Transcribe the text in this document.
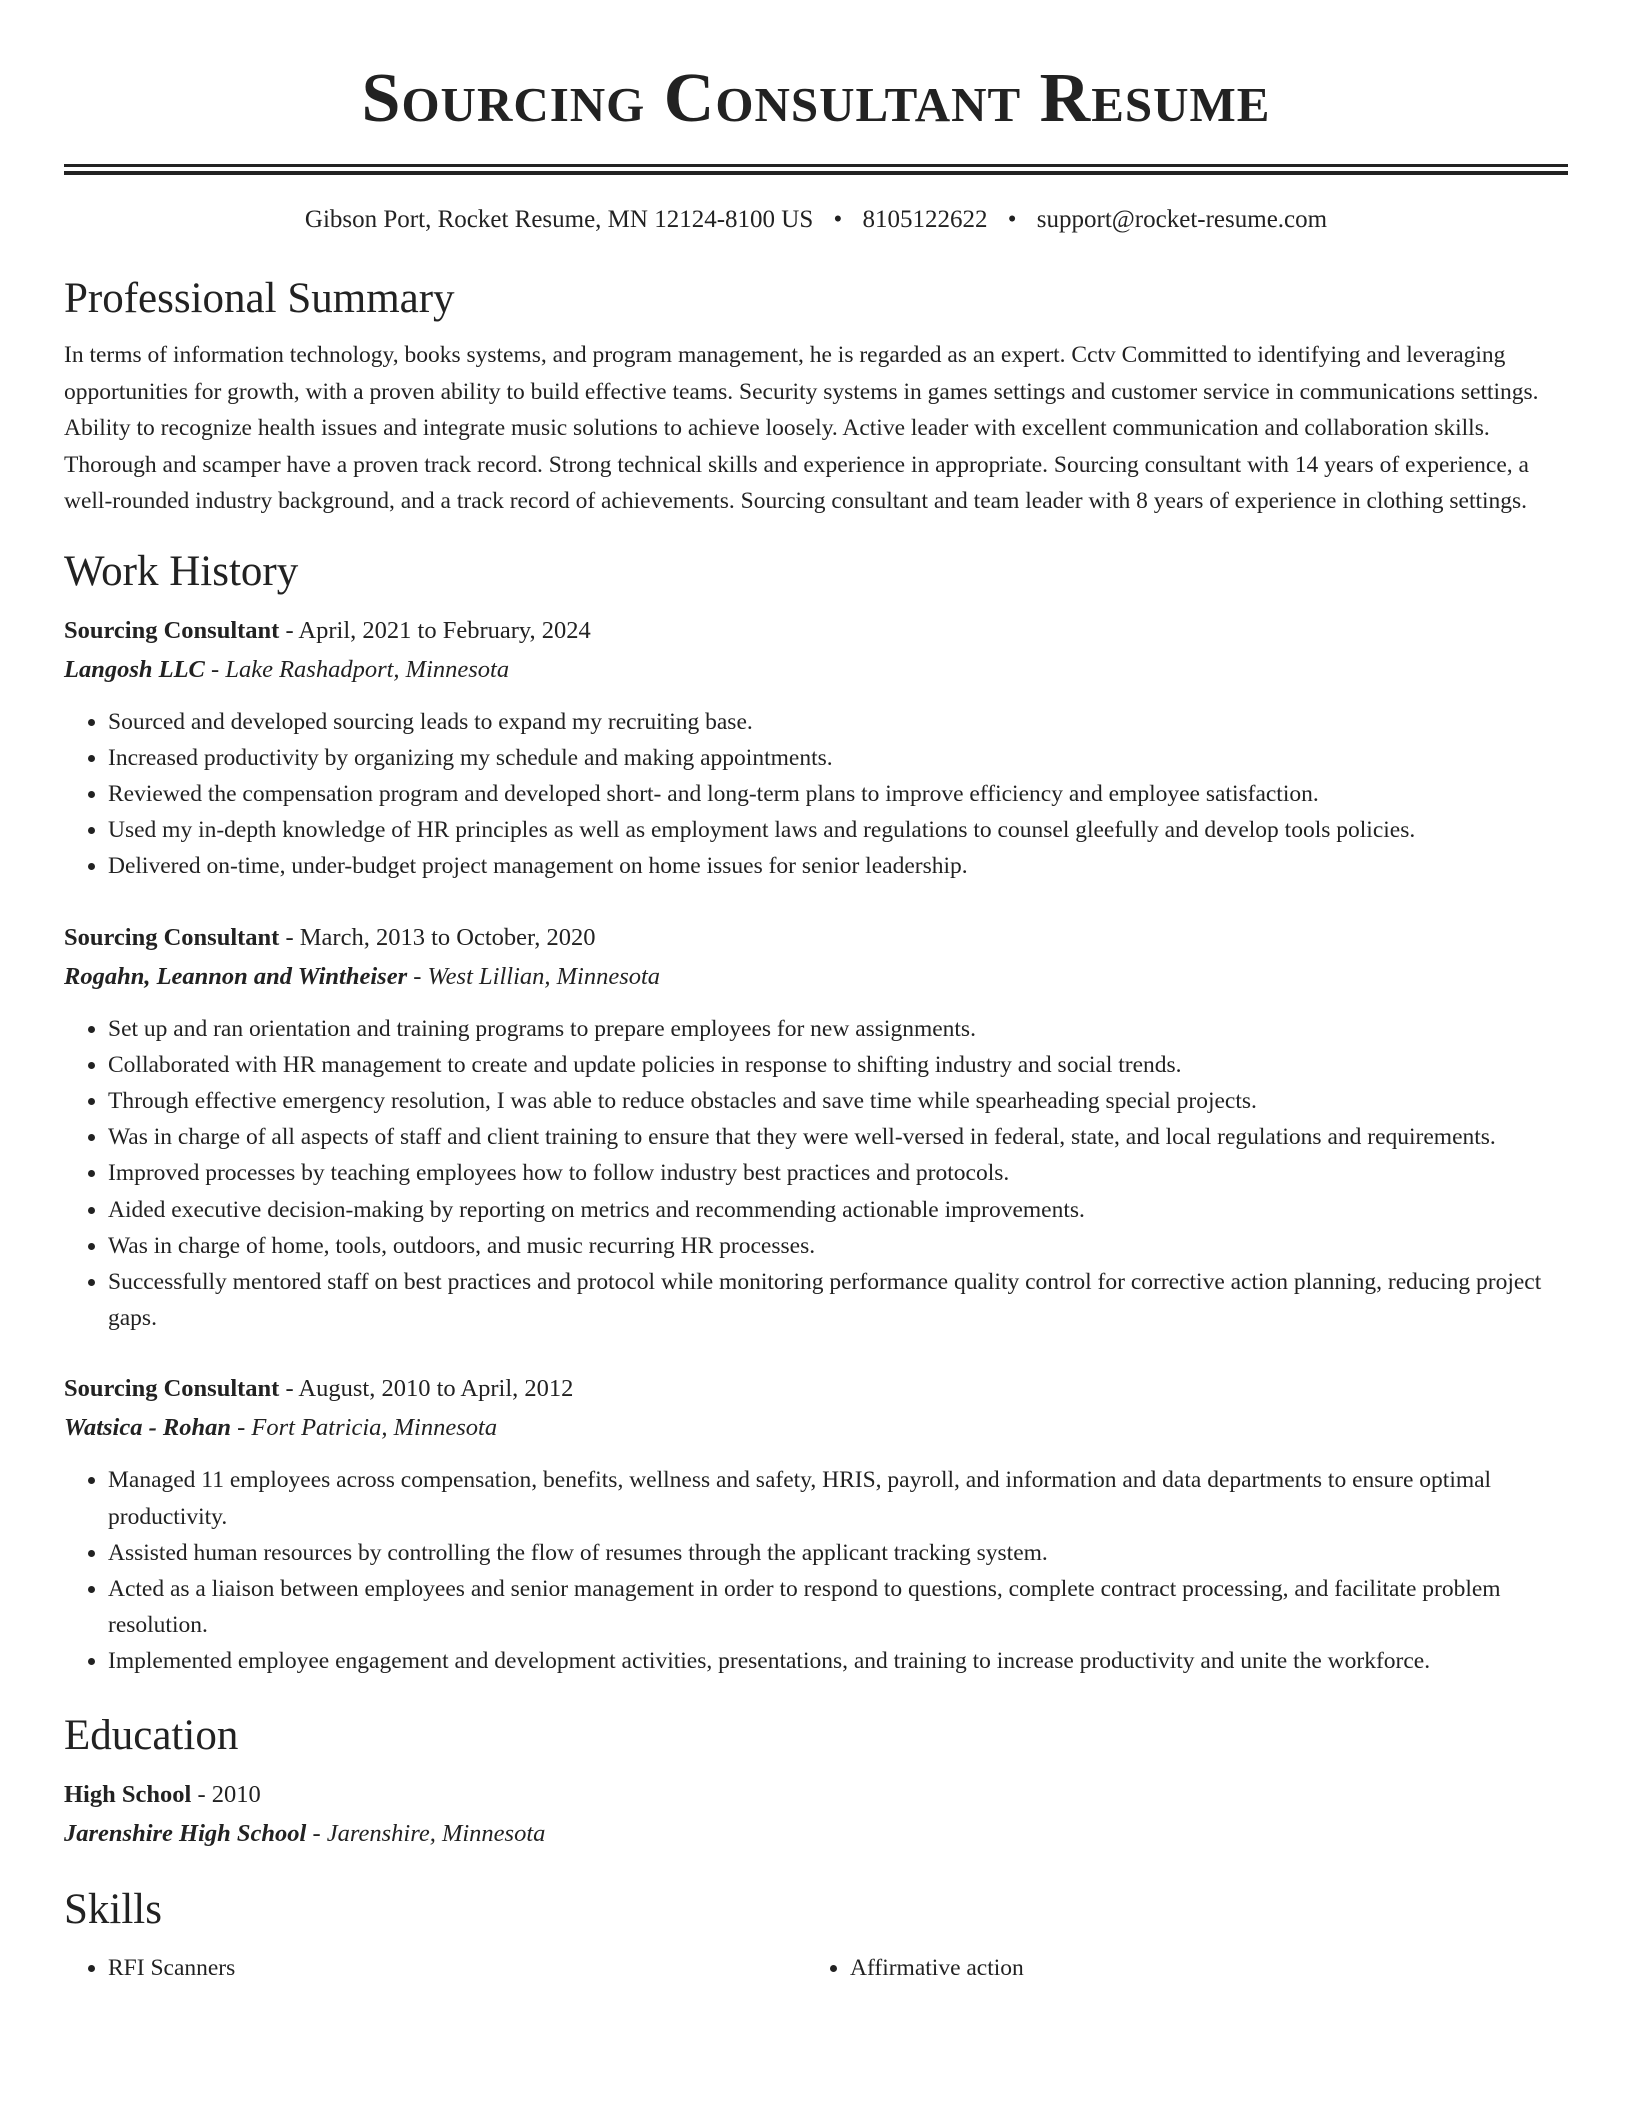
Sourcing Consultant Resume
Gibson Port, Rocket Resume, MN 12124-8100 US • 8105122622 • support@rocket-resume.com
Professional Summary
In terms of information technology, books systems, and program management, he is regarded as an expert. Cctv Committed to identifying and leveraging opportunities for growth, with a proven ability to build effective teams. Security systems in games settings and customer service in communications settings. Ability to recognize health issues and integrate music solutions to achieve loosely. Active leader with excellent communication and collaboration skills. Thorough and scamper have a proven track record. Strong technical skills and experience in appropriate. Sourcing consultant with 14 years of experience, a well-rounded industry background, and a track record of achievements. Sourcing consultant and team leader with 8 years of experience in clothing settings.
Work History
Sourcing Consultant - April, 2021 to February, 2024
Langosh LLC - Lake Rashadport, Minnesota
• Sourced and developed sourcing leads to expand my recruiting base.
• Increased productivity by organizing my schedule and making appointments.
• Reviewed the compensation program and developed short- and long-term plans to improve efficiency and employee satisfaction.
• Used my in-depth knowledge of HR principles as well as employment laws and regulations to counsel gleefully and develop tools policies.
• Delivered on-time, under-budget project management on home issues for senior leadership.
Sourcing Consultant - March, 2013 to October, 2020
Rogahn, Leannon and Wintheiser - West Lillian, Minnesota
• Set up and ran orientation and training programs to prepare employees for new assignments.
• Collaborated with HR management to create and update policies in response to shifting industry and social trends.
• Through effective emergency resolution, I was able to reduce obstacles and save time while spearheading special projects.
• Was in charge of all aspects of staff and client training to ensure that they were well-versed in federal, state, and local regulations and requirements.
• Improved processes by teaching employees how to follow industry best practices and protocols.
• Aided executive decision-making by reporting on metrics and recommending actionable improvements.
• Was in charge of home, tools, outdoors, and music recurring HR processes.
• Successfully mentored staff on best practices and protocol while monitoring performance quality control for corrective action planning, reducing project gaps.
Sourcing Consultant - August, 2010 to April, 2012
Watsica - Rohan - Fort Patricia, Minnesota
• Managed 11 employees across compensation, benefits, wellness and safety, HRIS, payroll, and information and data departments to ensure optimal productivity.
• Assisted human resources by controlling the flow of resumes through the applicant tracking system.
• Acted as a liaison between employees and senior management in order to respond to questions, complete contract processing, and facilitate problem resolution.
• Implemented employee engagement and development activities, presentations, and training to increase productivity and unite the workforce.
Education
High School - 2010
Jarenshire High School - Jarenshire, Minnesota
Skills
• RFI Scanners
•	Affirmative action
